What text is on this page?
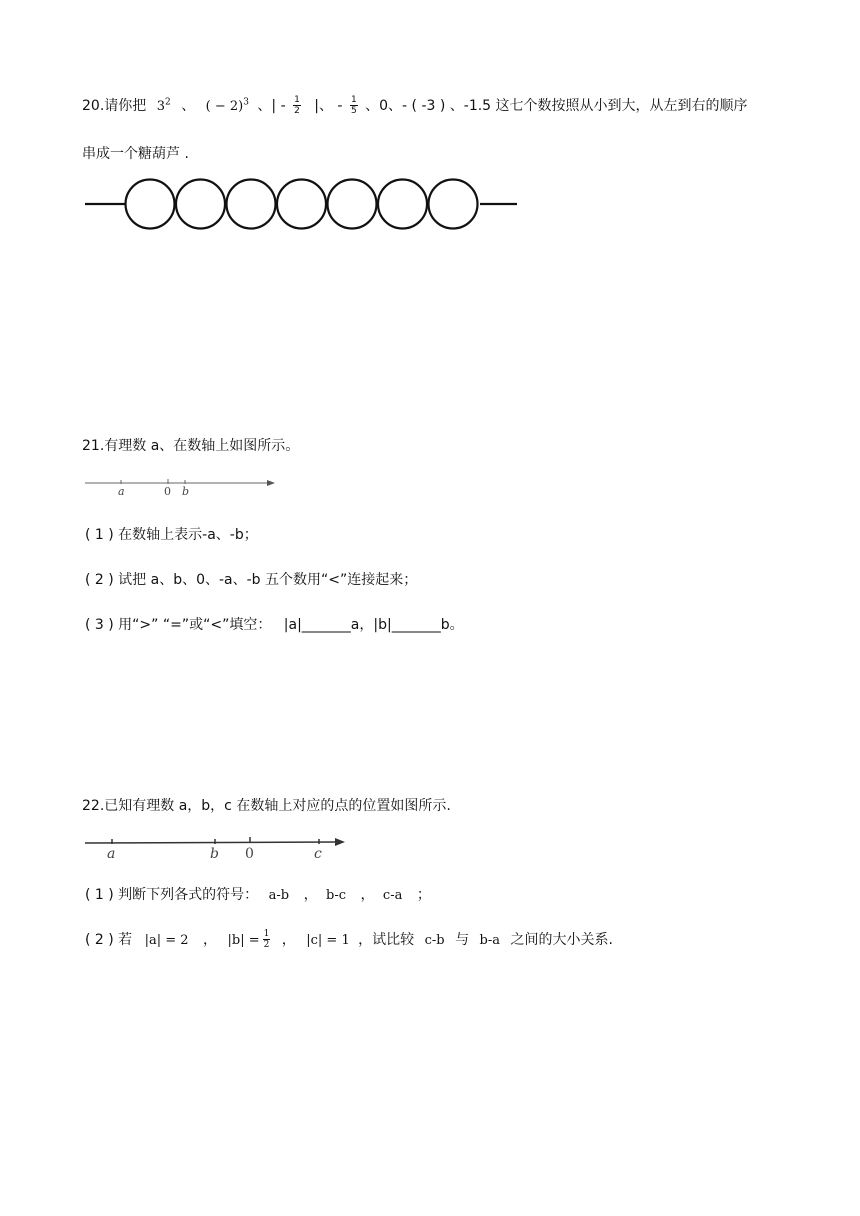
20.请你把 $3^2$ 、 ( − 2)$^3$ 、| - $\frac{1}{2}$ |、 - $\frac{1}{5}$ 、0、- ( -3 ) 、-1.5 这七个数按照从小到大，从左到右的顺序
串成一个糖葫芦 .
21.有理数 a、在数轴上如图所示。
a	0 b
( 1 ) 在数轴上表示-a、-b；
( 2 ) 试把 a、b、0、-a、-b 五个数用“<”连接起来；
( 3 ) 用“>” “=”或“<”填空： |a|_______a，|b|_______b。
22.已知有理数 a，b，c 在数轴上对应的点的位置如图所示.
a	b 0	c
( 1 ) 判断下列各式的符号： a-b ， b-c ， c-a ；
( 2 ) 若 |a| = 2 ， $|b| = \frac{1}{2}$ ， |c| = 1 ，试比较 c-b 与 b-a 之间的大小关系.
